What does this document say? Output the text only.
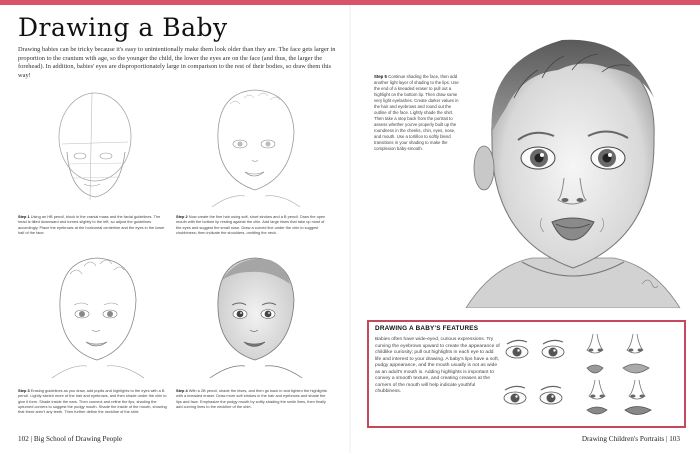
Drawing a Baby
Drawing babies can be tricky because it's easy to unintentionally make them look older than they are. The face gets larger in proportion to the cranium with age, so the younger the child, the lower the eyes are on the face (and thus, the larger the forehead). In addition, babies' eyes are disproportionately large in comparison to the rest of their bodies, so draw them this way!
Step 1 Using an HB pencil, block in the cranial mass and the facial guidelines. The head is tilted downward and turned slightly to the left, so adjust the guidelines accordingly. Place the eyebrows at the horizontal centerline and the eyes in the lower half of the face.
Step 2 Now create the fine hair using soft, short strokes and a B pencil. Draw the open mouth with the bottom lip resting against the chin. Add large irises that take up most of the eyes and suggest the small nose. Draw a curved line under the chin to suggest chubbiness; then indicate the shoulders, omitting the neck.
Step 3 Erasing guidelines as you draw, add pupils and highlights to the eyes with a B pencil. Lightly sketch more of the hair and eyebrows, and then shade under the chin to give it form. Shade inside the ears. Then connect and refine the lips, shading the upturned corners to suggest the pudgy mouth. Shade the inside of the mouth, showing that there aren't any teeth. Then further define the neckline of the shirt.
Step 4 With a 2B pencil, shade the irises, and then go back in and tighten the highlights with a kneaded eraser. Draw more soft strokes in the hair and eyebrows and shade the lips and face. Emphasize the pudgy mouth by softly shading the smile lines, then finally add curving lines to the neckline of the shirt.
102 | Big School of Drawing People
Step 5 Continue shading the face, then add another light layer of shading to the lips. Use the end of a kneaded eraser to pull out a highlight on the bottom lip. Then draw some very light eyelashes. Create darker values in the hair and eyebrows and round out the outline of the face. Lightly shade the shirt. Then take a step back from the portrait to assess whether you've properly built up the roundness in the cheeks, chin, eyes, nose, and mouth. Use a tortillon to softly blend transitions in your shading to make the complexion baby-smooth.
DRAWING A BABY'S FEATURES
Babies often have wide-eyed, curious expressions. Try curving the eyebrows upward to create the appearance of childlike curiosity; pull out highlights in each eye to add life and interest to your drawing. A baby's lips have a soft, pudgy appearance, and the mouth usually is not as wide as an adult's mouth is. Adding highlights is important to convey a smooth texture, and creating creases at the corners of the mouth will help indicate youthful chubbiness.
Drawing Children's Portraits | 103
